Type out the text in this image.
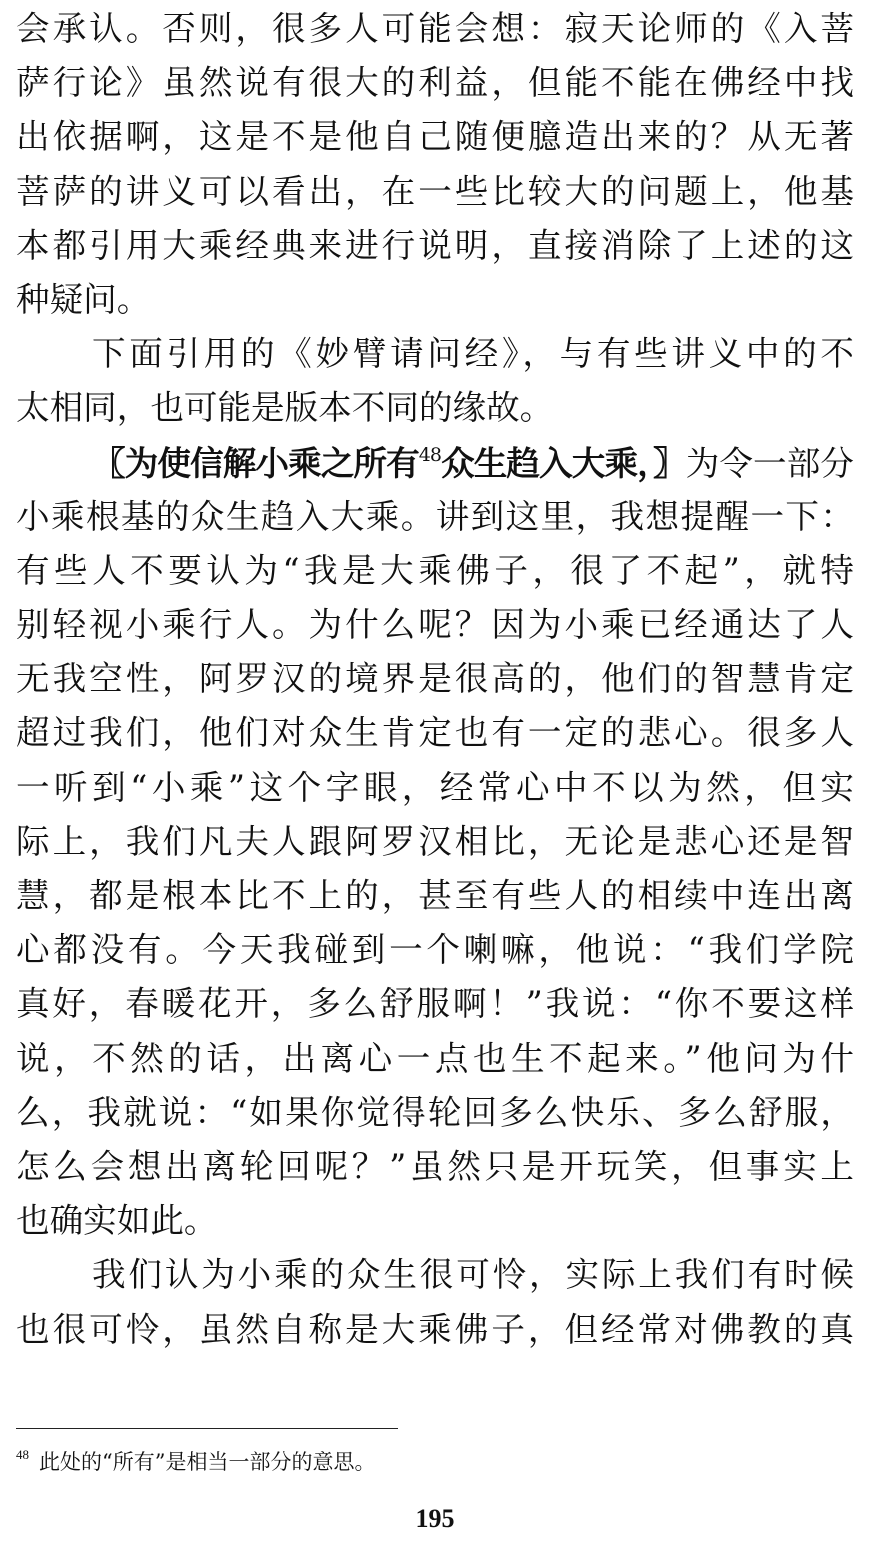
会承认。否则，很多人可能会想：寂天论师的《入菩
萨行论》虽然说有很大的利益，但能不能在佛经中找
出依据啊，这是不是他自己随便臆造出来的？从无著
菩萨的讲义可以看出，在一些比较大的问题上，他基
本都引用大乘经典来进行说明，直接消除了上述的这
种疑问。
下面引用的《妙臂请问经》，与有些讲义中的不
太相同，也可能是版本不同的缘故。
〖为使信解小乘之所有$^{48}$众生趋入大乘，〗为令一部分
小乘根基的众生趋入大乘。讲到这里，我想提醒一下：
有些人不要认为“我是大乘佛子，很了不起”，就特
别轻视小乘行人。为什么呢？因为小乘已经通达了人
无我空性，阿罗汉的境界是很高的，他们的智慧肯定
超过我们，他们对众生肯定也有一定的悲心。很多人
一听到“小乘”这个字眼，经常心中不以为然，但实
际上，我们凡夫人跟阿罗汉相比，无论是悲心还是智
慧，都是根本比不上的，甚至有些人的相续中连出离
心都没有。今天我碰到一个喇嘛，他说：“我们学院
真好，春暖花开，多么舒服啊！”我说：“你不要这样
说，不然的话，出离心一点也生不起来。”他问为什
么，我就说：“如果你觉得轮回多么快乐、多么舒服，
怎么会想出离轮回呢？”虽然只是开玩笑，但事实上
也确实如此。
我们认为小乘的众生很可怜，实际上我们有时候
也很可怜，虽然自称是大乘佛子，但经常对佛教的真
$^{48}$ 此处的“所有”是相当一部分的意思。
195
